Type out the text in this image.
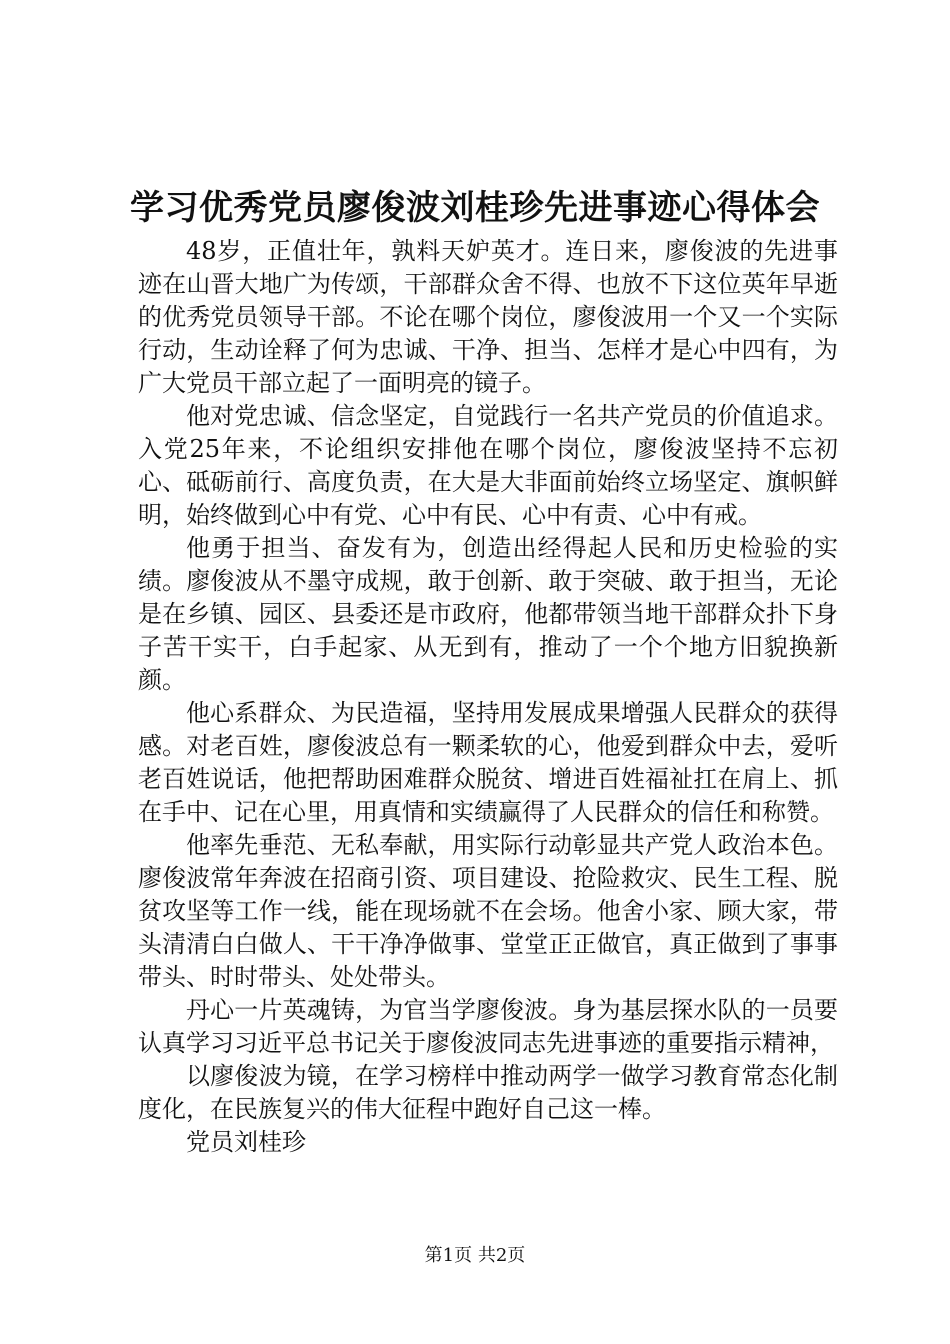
学习优秀党员廖俊波刘桂珍先进事迹心得体会

48岁，正值壮年，孰料天妒英才。连日来，廖俊波的先进事迹在山晋大地广为传颂，干部群众舍不得、也放不下这位英年早逝的优秀党员领导干部。不论在哪个岗位，廖俊波用一个又一个实际行动，生动诠释了何为忠诚、干净、担当、怎样才是心中四有，为广大党员干部立起了一面明亮的镜子。

他对党忠诚、信念坚定，自觉践行一名共产党员的价值追求。入党25年来，不论组织安排他在哪个岗位，廖俊波坚持不忘初心、砥砺前行、高度负责，在大是大非面前始终立场坚定、旗帜鲜明，始终做到心中有党、心中有民、心中有责、心中有戒。

他勇于担当、奋发有为，创造出经得起人民和历史检验的实绩。廖俊波从不墨守成规，敢于创新、敢于突破、敢于担当，无论是在乡镇、园区、县委还是市政府，他都带领当地干部群众扑下身子苦干实干，白手起家、从无到有，推动了一个个地方旧貌换新颜。

他心系群众、为民造福，坚持用发展成果增强人民群众的获得感。对老百姓，廖俊波总有一颗柔软的心，他爱到群众中去，爱听老百姓说话，他把帮助困难群众脱贫、增进百姓福祉扛在肩上、抓在手中、记在心里，用真情和实绩赢得了人民群众的信任和称赞。

他率先垂范、无私奉献，用实际行动彰显共产党人政治本色。廖俊波常年奔波在招商引资、项目建设、抢险救灾、民生工程、脱贫攻坚等工作一线，能在现场就不在会场。他舍小家、顾大家，带头清清白白做人、干干净净做事、堂堂正正做官，真正做到了事事带头、时时带头、处处带头。

丹心一片英魂铸，为官当学廖俊波。身为基层探水队的一员要认真学习习近平总书记关于廖俊波同志先进事迹的重要指示精神，

以廖俊波为镜，在学习榜样中推动两学一做学习教育常态化制度化，在民族复兴的伟大征程中跑好自己这一棒。

党员刘桂珍

第1页 共2页
